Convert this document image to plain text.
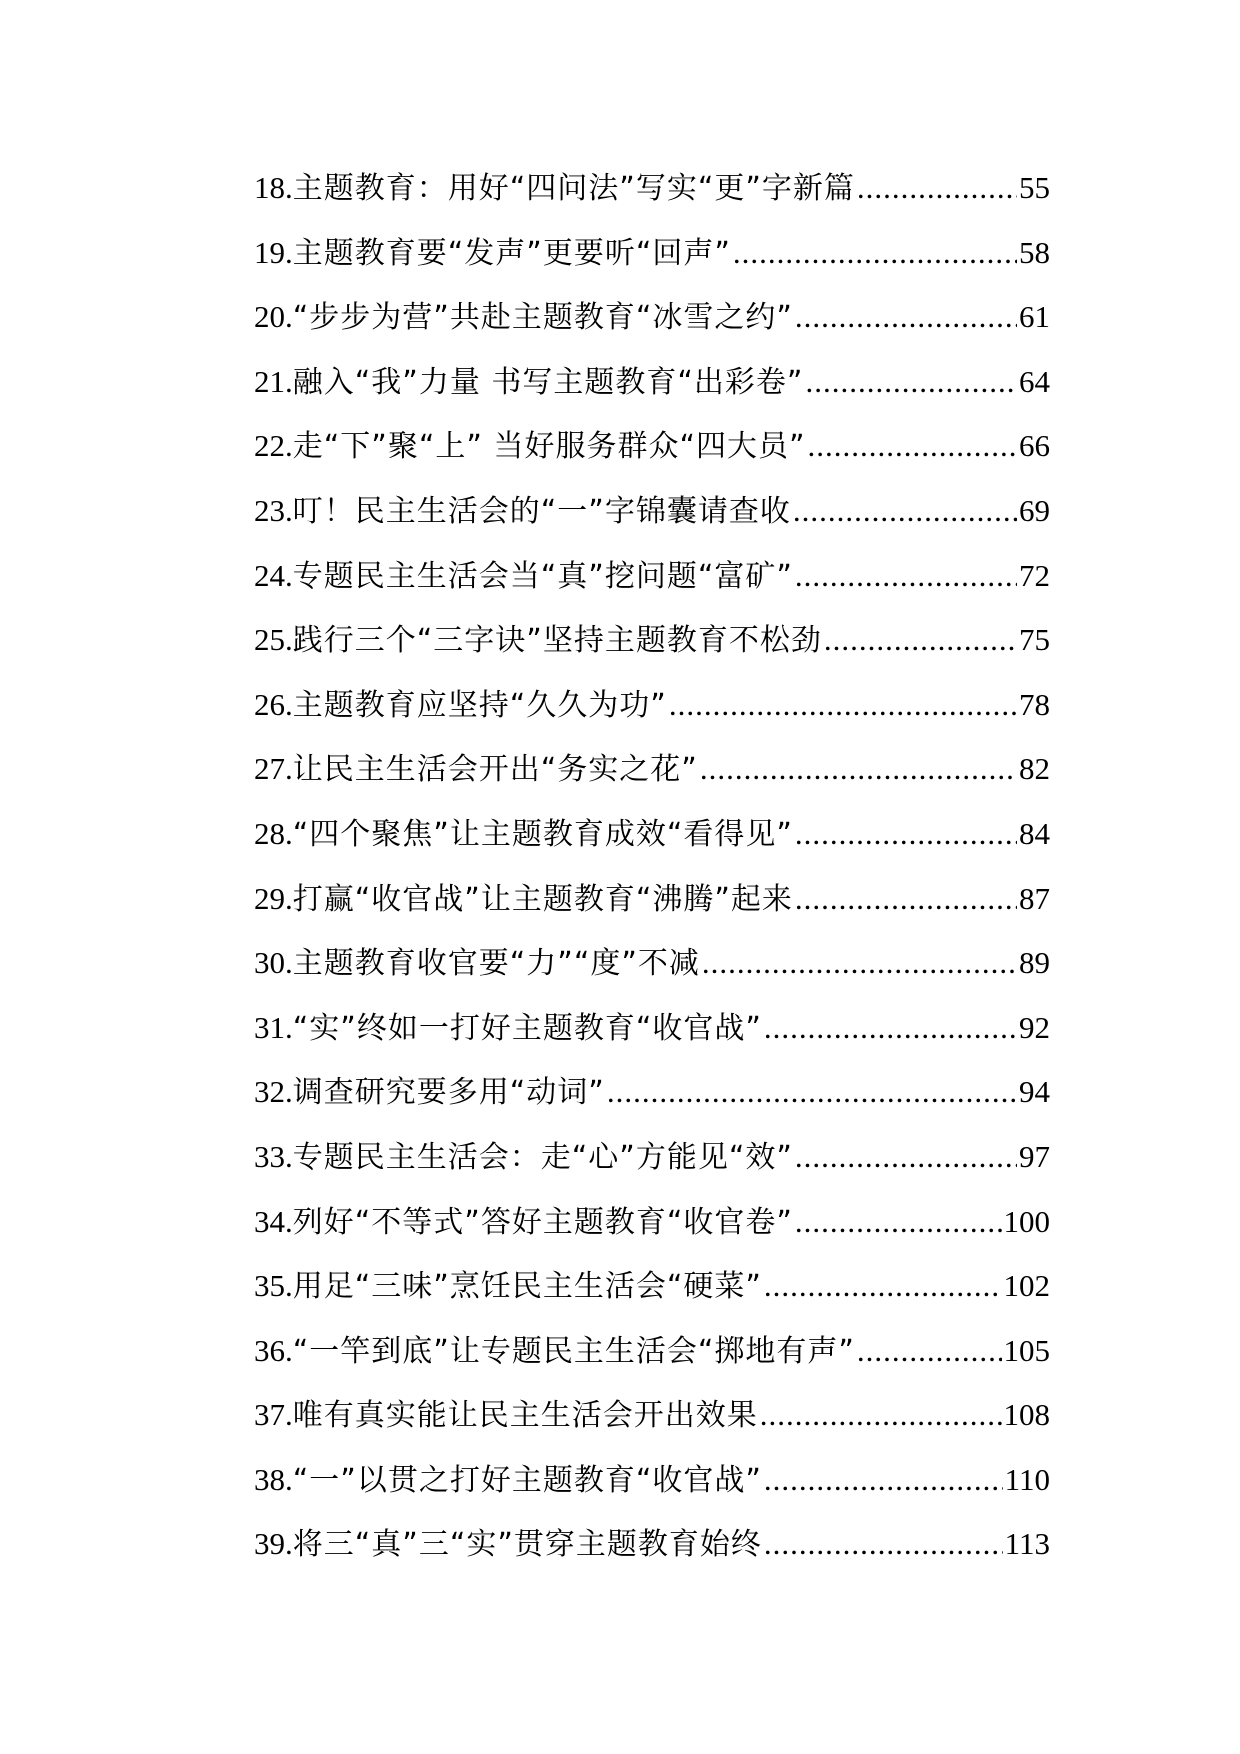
18. 主题教育：用好“四问法”写实“更”字新篇 .....	55
19. 主题教育要“发声”更要听“回声” .....	58
20. “步步为营”共赴主题教育“冰雪之约” .....	61
21. 融入“我”力量 书写主题教育“出彩卷” .....	64
22. 走“下”聚“上” 当好服务群众“四大员” .....	66
23. 叮！民主生活会的“一”字锦囊请查收 .....	69
24. 专题民主生活会当“真”挖问题“富矿” .....	72
25. 践行三个“三字诀”坚持主题教育不松劲 .....	75
26. 主题教育应坚持“久久为功” .....	78
27. 让民主生活会开出“务实之花” .....	82
28. “四个聚焦”让主题教育成效“看得见” .....	84
29. 打赢“收官战”让主题教育“沸腾”起来 .....	87
30. 主题教育收官要“力”“度”不减 .....	89
31. “实”终如一打好主题教育“收官战” .....	92
32. 调查研究要多用“动词” .....	94
33. 专题民主生活会：走“心”方能见“效” .....	97
34. 列好“不等式”答好主题教育“收官卷” .....	100
35. 用足“三味”烹饪民主生活会“硬菜” .....	102
36. “一竿到底”让专题民主生活会“掷地有声” .....	105
37. 唯有真实能让民主生活会开出效果 .....	108
38. “一”以贯之打好主题教育“收官战” .....	110
39. 将三“真”三“实”贯穿主题教育始终 .....	113
